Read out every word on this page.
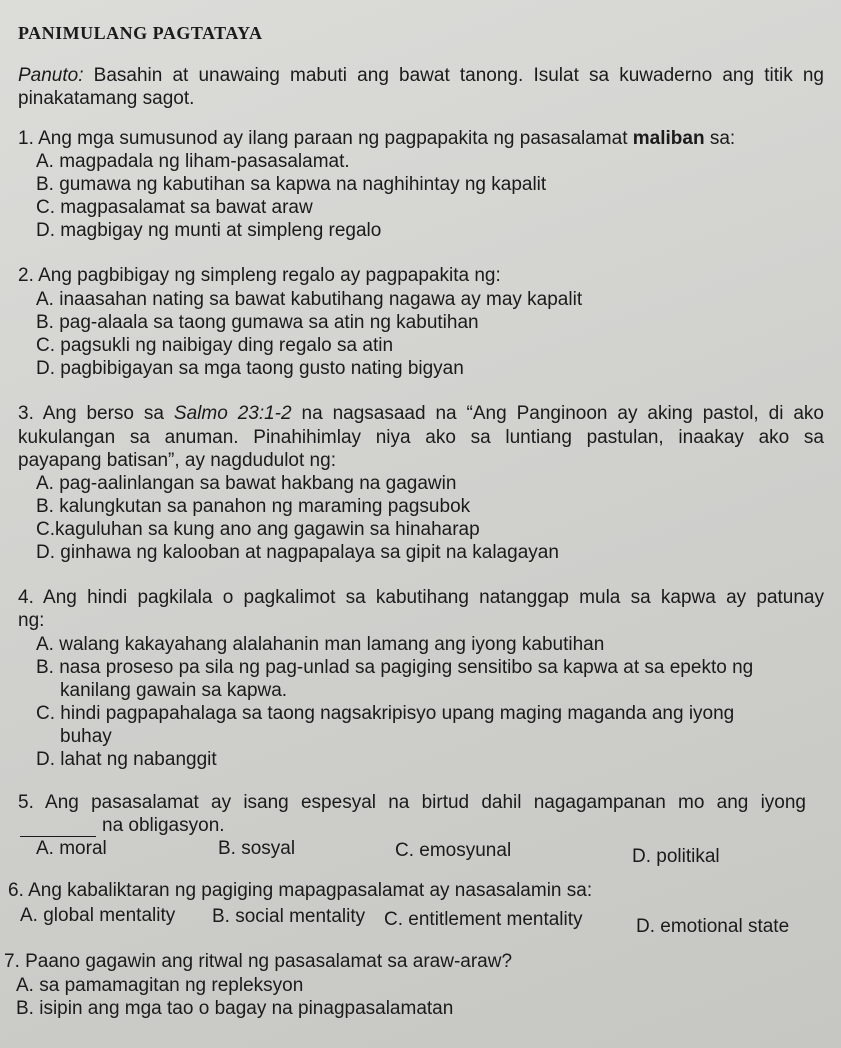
PANIMULANG PAGTATAYA
Panuto: Basahin at unawaing mabuti ang bawat tanong. Isulat sa kuwaderno ang titik ng
pinakatamang sagot.
1. Ang mga sumusunod ay ilang paraan ng pagpapakita ng pasasalamat maliban sa:
A. magpadala ng liham-pasasalamat.
B. gumawa ng kabutihan sa kapwa na naghihintay ng kapalit
C. magpasalamat sa bawat araw
D. magbigay ng munti at simpleng regalo
2. Ang pagbibigay ng simpleng regalo ay pagpapakita ng:
A. inaasahan nating sa bawat kabutihang nagawa ay may kapalit
B. pag-alaala sa taong gumawa sa atin ng kabutihan
C. pagsukli ng naibigay ding regalo sa atin
D. pagbibigayan sa mga taong gusto nating bigyan
3. Ang berso sa Salmo 23:1-2 na nagsasaad na “Ang Panginoon ay aking pastol, di ako
kukulangan sa anuman. Pinahihimlay niya ako sa luntiang pastulan, inaakay ako sa
payapang batisan”, ay nagdudulot ng:
A. pag-aalinlangan sa bawat hakbang na gagawin
B. kalungkutan sa panahon ng maraming pagsubok
C.kaguluhan sa kung ano ang gagawin sa hinaharap
D. ginhawa ng kalooban at nagpapalaya sa gipit na kalagayan
4. Ang hindi pagkilala o pagkalimot sa kabutihang natanggap mula sa kapwa ay patunay
ng:
A. walang kakayahang alalahanin man lamang ang iyong kabutihan
B. nasa proseso pa sila ng pag-unlad sa pagiging sensitibo sa kapwa at sa epekto ng
kanilang gawain sa kapwa.
C. hindi pagpapahalaga sa taong nagsakripisyo upang maging maganda ang iyong
buhay
D. lahat ng nabanggit
5. Ang pasasalamat ay isang espesyal na birtud dahil nagagampanan mo ang iyong
na obligasyon.
A. moral	B. sosyal	C. emosyunal	D. politikal
6. Ang kabaliktaran ng pagiging mapagpasalamat ay nasasalamin sa:
A. global mentality B. social mentality C. entitlement mentality	D. emotional state
7. Paano gagawin ang ritwal ng pasasalamat sa araw-araw?
A. sa pamamagitan ng repleksyon
B. isipin ang mga tao o bagay na pinagpasalamatan
